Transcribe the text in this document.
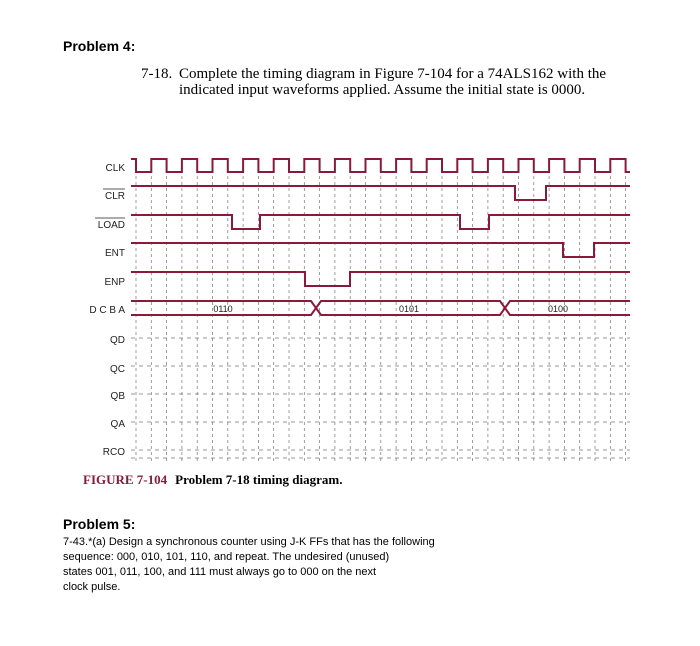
Problem 4:
7-18. Complete the timing diagram in Figure 7-104 for a 74ALS162 with the indicated input waveforms applied. Assume the initial state is 0000.
CLK
CLR
LOAD
ENT
ENP
D C B A
QD
QC
QB
QA
RCO
0110	0101	0100
FIGURE 7-104 Problem 7-18 timing diagram.
Problem 5:
7-43.*(a) Design a synchronous counter using J-K FFs that has the following
sequence: 000, 010, 101, 110, and repeat. The undesired (unused)
states 001, 011, 100, and 111 must always go to 000 on the next
clock pulse.
